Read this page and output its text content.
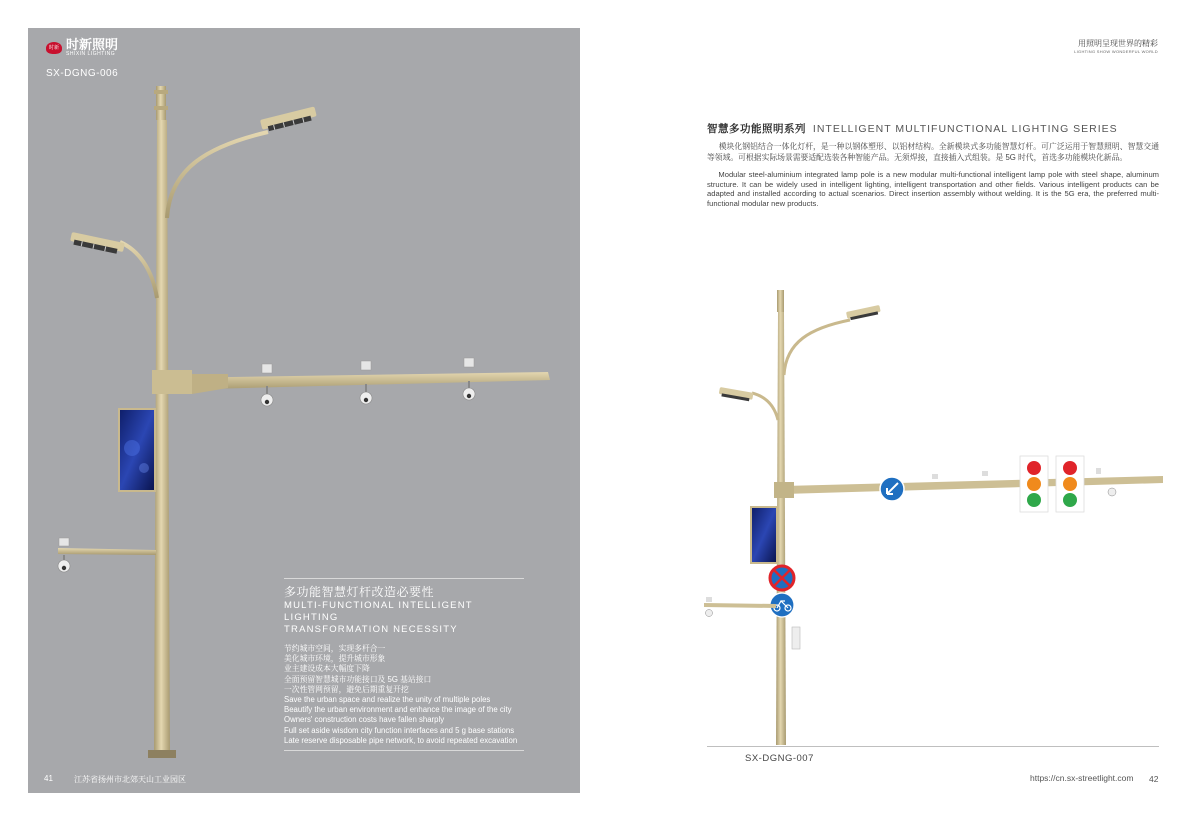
时新 时新照明
SHIXIN LIGHTING
SX-DGNG-006
多功能智慧灯杆改造必要性
MULTI-FUNCTIONAL INTELLIGENT LIGHTING
TRANSFORMATION NECESSITY
节约城市空间，实现多杆合一
美化城市环境，提升城市形象
业主建设成本大幅度下降
全面预留智慧城市功能接口及 5G 基站接口
一次性管网预留，避免后期重复开挖
Save the urban space and realize the unity of multiple poles
Beautify the urban environment and enhance the image of the city
Owners' construction costs have fallen sharply
Full set aside wisdom city function interfaces and 5 g base stations
Late reserve disposable pipe network, to avoid repeated excavation
41	江苏省扬州市北郊天山工业园区
用照明呈现世界的精彩
LIGHTING SHOW WONDERFUL WORLD
智慧多功能照明系列 INTELLIGENT MULTIFUNCTIONAL LIGHTING SERIES
模块化钢铝结合一体化灯杆，是一种以钢体塑形、以铝材结构。全新模块式多功能智慧灯杆。可广泛运用于智慧照明、智慧交通等领域。可根据实际场景需要适配选装各种智能产品。无须焊接，直接插入式组装。是 5G 时代，首选多功能模块化新品。
Modular steel-aluminium integrated lamp pole is a new modular multi-functional intelligent lamp pole with steel shape, aluminum structure. It can be widely used in intelligent lighting, intelligent transportation and other fields. Various intelligent products can be adapted and installed according to actual scenarios. Direct insertion assembly without welding. It is the 5G era, the preferred multi-functional modular new products.
SX-DGNG-007
https://cn.sx-streetlight.com 42
